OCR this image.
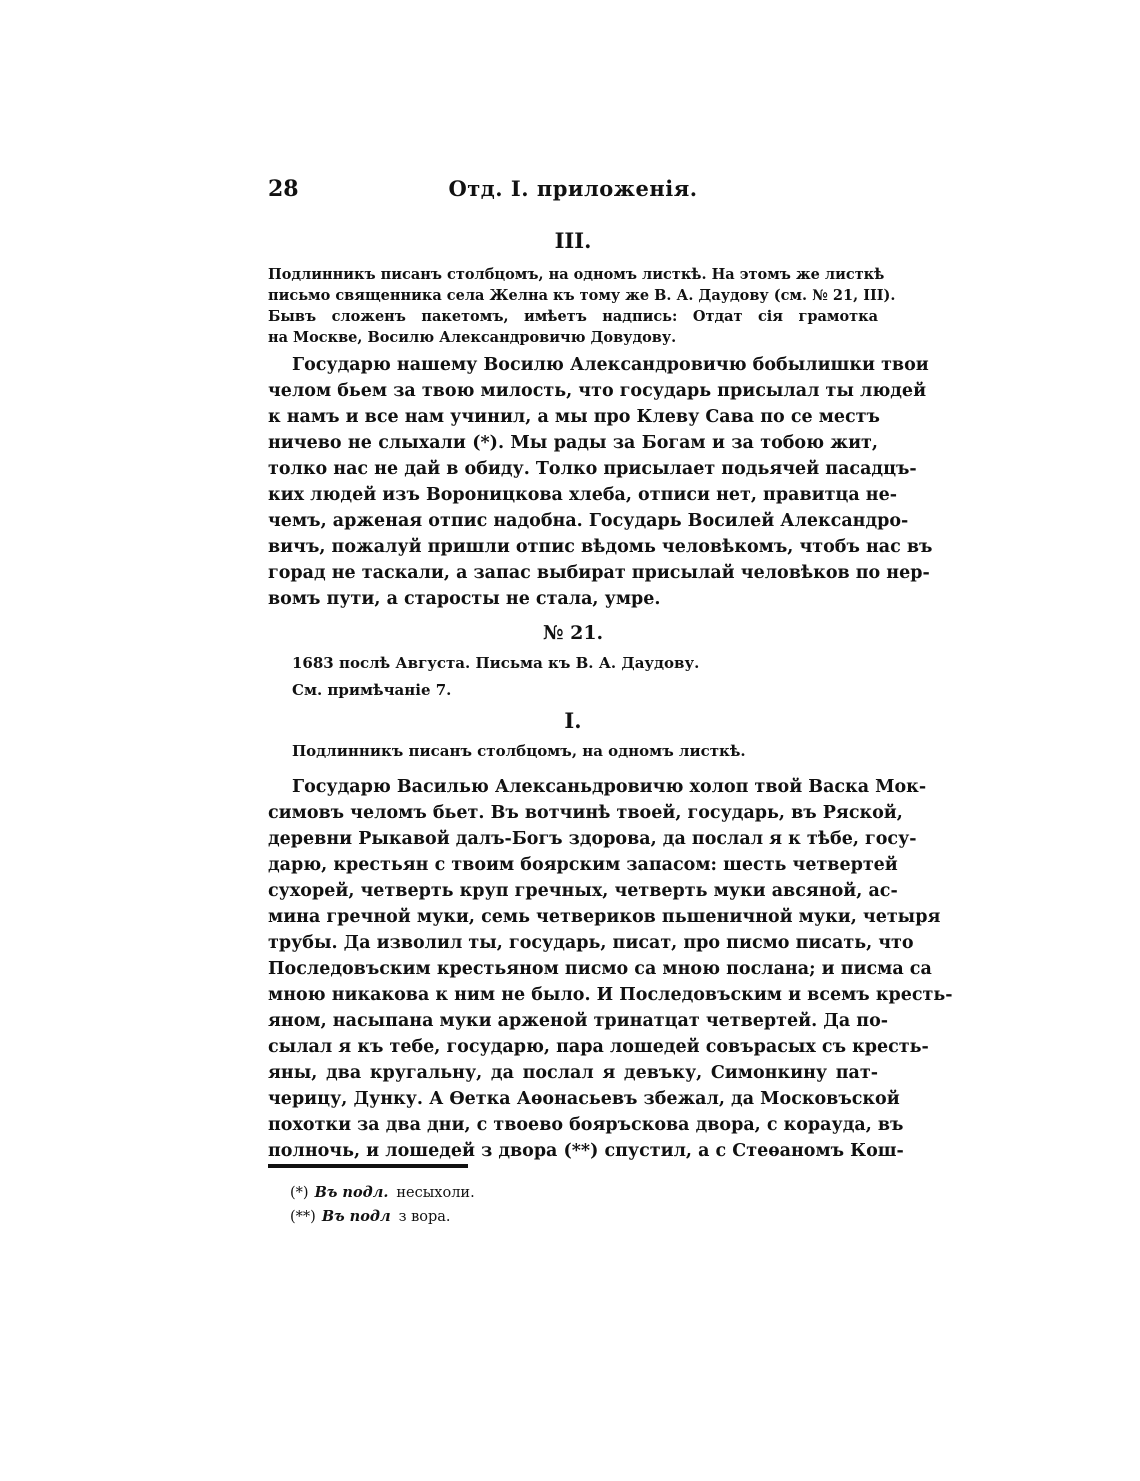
28	Отд. I. приложенія.
III.
Подлинникъ писанъ столбцомъ, на одномъ листкѣ. На этомъ же листкѣ
письмо священника села Желна къ тому же В. А. Даудову (см. № 21, III).
Бывъ сложенъ пакетомъ, имѣетъ надпись: Отдат сія грамотка
на Москве, Восилю Александровичю Довудову.
Государю нашему Восилю Александровичю бобылишки твои
челом бьем за твою милость, что государь присылал ты людей
к намъ и все нам учинил, а мы про Клеву Сава по се местъ
ничево не слыхали (*). Мы рады за Богам и за тобою жит,
толко нас не дай в обиду. Толко присылает подьячей пасадцъ-
ких людей изъ Вороницкова хлеба, отписи нет, правитца не-
чемъ, арженая отпис надобна. Государь Восилей Александро-
вичъ, пожалуй пришли отпис вѣдомь человѣкомъ, чтобъ нас въ
горад не таскали, а запас выбират присылай человѣков по нер-
вомъ пути, а старосты не стала, умре.
№ 21.
1683 послѣ Августа. Письма къ В. А. Даудову.
См. примѣчаніе 7.
I.
Подлинникъ писанъ столбцомъ, на одномъ листкѣ.
Государю Василью Алексаньдровичю холоп твой Васка Мок-
симовъ челомъ бьет. Въ вотчинѣ твоей, государь, въ Ряской,
деревни Рыкавой далъ-Богъ здорова, да послал я к тѣбе, госу-
дарю, крестьян с твоим боярским запасом: шесть четвертей
сухорей, четверть круп гречных, четверть муки авсяной, ас-
мина гречной муки, семь четвериков пьшеничной муки, четыря
трубы. Да изволил ты, государь, писат, про писмо писать, что
Последовъским крестьяном писмо са мною послана; и писма са
мною никакова к ним не было. И Последовъским и всемъ кресть-
яном, насыпана муки арженой тринатцат четвертей. Да по-
сылал я къ тебе, государю, пара лошедей совърасых съ кресть-
яны, два кругальну, да послал я девъку, Симонкину пат-
черицу, Дунку. А Ѳетка Аѳонасьевъ збежал, да Московъской
похотки за два дни, с твоево бояръскова двора, с корауда, въ
полночь, и лошедей з двора (**) спустил, а с Стеѳаномъ Кош-
(*) Въ подл. несыхоли.
(**) Въ подл з вора.
